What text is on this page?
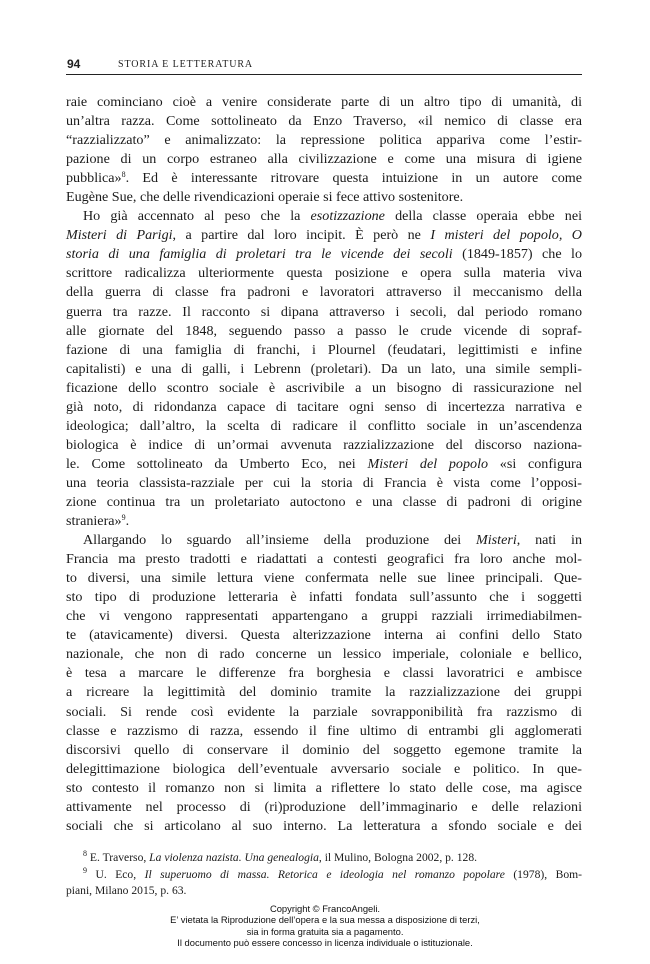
94	STORIA E LETTERATURA
raie cominciano cioè a venire considerate parte di un altro tipo di umanità, di
un’altra razza. Come sottolineato da Enzo Traverso, «il nemico di classe era
“razzializzato” e animalizzato: la repressione politica appariva come l’estir-
pazione di un corpo estraneo alla civilizzazione e come una misura di igiene
pubblica»$^8$. Ed è interessante ritrovare questa intuizione in un autore come
Eugène Sue, che delle rivendicazioni operaie si fece attivo sostenitore.
Ho già accennato al peso che la esotizzazione della classe operaia ebbe nei
Misteri di Parigi, a partire dal loro incipit. È però ne I misteri del popolo, O
storia di una famiglia di proletari tra le vicende dei secoli (1849-1857) che lo
scrittore radicalizza ulteriormente questa posizione e opera sulla materia viva
della guerra di classe fra padroni e lavoratori attraverso il meccanismo della
guerra tra razze. Il racconto si dipana attraverso i secoli, dal periodo romano
alle giornate del 1848, seguendo passo a passo le crude vicende di sopraf-
fazione di una famiglia di franchi, i Plournel (feudatari, legittimisti e infine
capitalisti) e una di galli, i Lebrenn (proletari). Da un lato, una simile sempli-
ficazione dello scontro sociale è ascrivibile a un bisogno di rassicurazione nel
già noto, di ridondanza capace di tacitare ogni senso di incertezza narrativa e
ideologica; dall’altro, la scelta di radicare il conflitto sociale in un’ascendenza
biologica è indice di un’ormai avvenuta razzializzazione del discorso naziona-
le. Come sottolineato da Umberto Eco, nei Misteri del popolo «si configura
una teoria classista-razziale per cui la storia di Francia è vista come l’opposi-
zione continua tra un proletariato autoctono e una classe di padroni di origine
straniera»$^9$.
Allargando lo sguardo all’insieme della produzione dei Misteri, nati in
Francia ma presto tradotti e riadattati a contesti geografici fra loro anche mol-
to diversi, una simile lettura viene confermata nelle sue linee principali. Que-
sto tipo di produzione letteraria è infatti fondata sull’assunto che i soggetti
che vi vengono rappresentati appartengano a gruppi razziali irrimediabilmen-
te (atavicamente) diversi. Questa alterizzazione interna ai confini dello Stato
nazionale, che non di rado concerne un lessico imperiale, coloniale e bellico,
è tesa a marcare le differenze fra borghesia e classi lavoratrici e ambisce
a ricreare la legittimità del dominio tramite la razzializzazione dei gruppi
sociali. Si rende così evidente la parziale sovrapponibilità fra razzismo di
classe e razzismo di razza, essendo il fine ultimo di entrambi gli agglomerati
discorsivi quello di conservare il dominio del soggetto egemone tramite la
delegittimazione biologica dell’eventuale avversario sociale e politico. In que-
sto contesto il romanzo non si limita a riflettere lo stato delle cose, ma agisce
attivamente nel processo di (ri)produzione dell’immaginario e delle relazioni
sociali che si articolano al suo interno. La letteratura a sfondo sociale e dei
$^8$ E. Traverso, La violenza nazista. Una genealogia, il Mulino, Bologna 2002, p. 128.
$^9$ U. Eco, Il superuomo di massa. Retorica e ideologia nel romanzo popolare (1978), Bom-
piani, Milano 2015, p. 63.
Copyright © FrancoAngeli.
E’ vietata la Riproduzione dell’opera e la sua messa a disposizione di terzi,
sia in forma gratuita sia a pagamento.
Il documento può essere concesso in licenza individuale o istituzionale.
